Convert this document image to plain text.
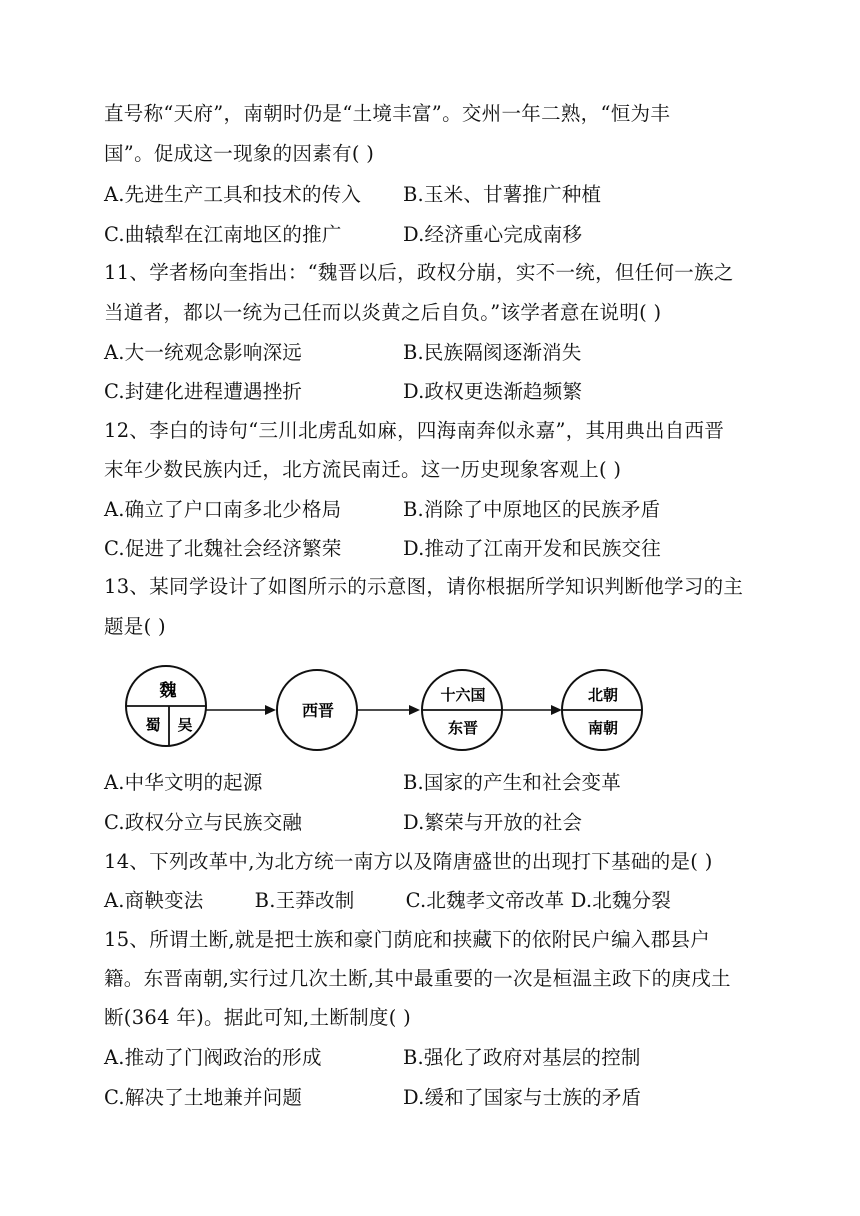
直号称“天府”，南朝时仍是“土境丰富”。交州一年二熟，“恒为丰
国”。促成这一现象的因素有( )
A.先进生产工具和技术的传入 B.玉米、甘薯推广种植
C.曲辕犁在江南地区的推广	D.经济重心完成南移
11、学者杨向奎指出：“魏晋以后，政权分崩，实不一统，但任何一族之
当道者，都以一统为己任而以炎黄之后自负。”该学者意在说明( )
A.大一统观念影响深远	B.民族隔阂逐渐消失
C.封建化进程遭遇挫折	D.政权更迭渐趋频繁
12、李白的诗句“三川北虏乱如麻，四海南奔似永嘉”，其用典出自西晋
末年少数民族内迁，北方流民南迁。这一历史现象客观上( )
A.确立了户口南多北少格局	B.消除了中原地区的民族矛盾
C.促进了北魏社会经济繁荣	D.推动了江南开发和民族交往
13、某同学设计了如图所示的示意图，请你根据所学知识判断他学习的主
题是( )
魏
蜀 吴
西晋
十六国
东晋
北朝
南朝
A.中华文明的起源	B.国家的产生和社会变革
C.政权分立与民族交融	D.繁荣与开放的社会
14、下列改革中,为北方统一南方以及隋唐盛世的出现打下基础的是( )
A.商鞅变法        B.王莽改制        C.北魏孝文帝改革 D.北魏分裂
15、所谓土断,就是把士族和豪门荫庇和挟藏下的依附民户编入郡县户
籍。东晋南朝,实行过几次土断,其中最重要的一次是桓温主政下的庚戌土
断(364 年)。据此可知,土断制度( )
A.推动了门阀政治的形成	B.强化了政府对基层的控制
C.解决了土地兼并问题	D.缓和了国家与士族的矛盾
